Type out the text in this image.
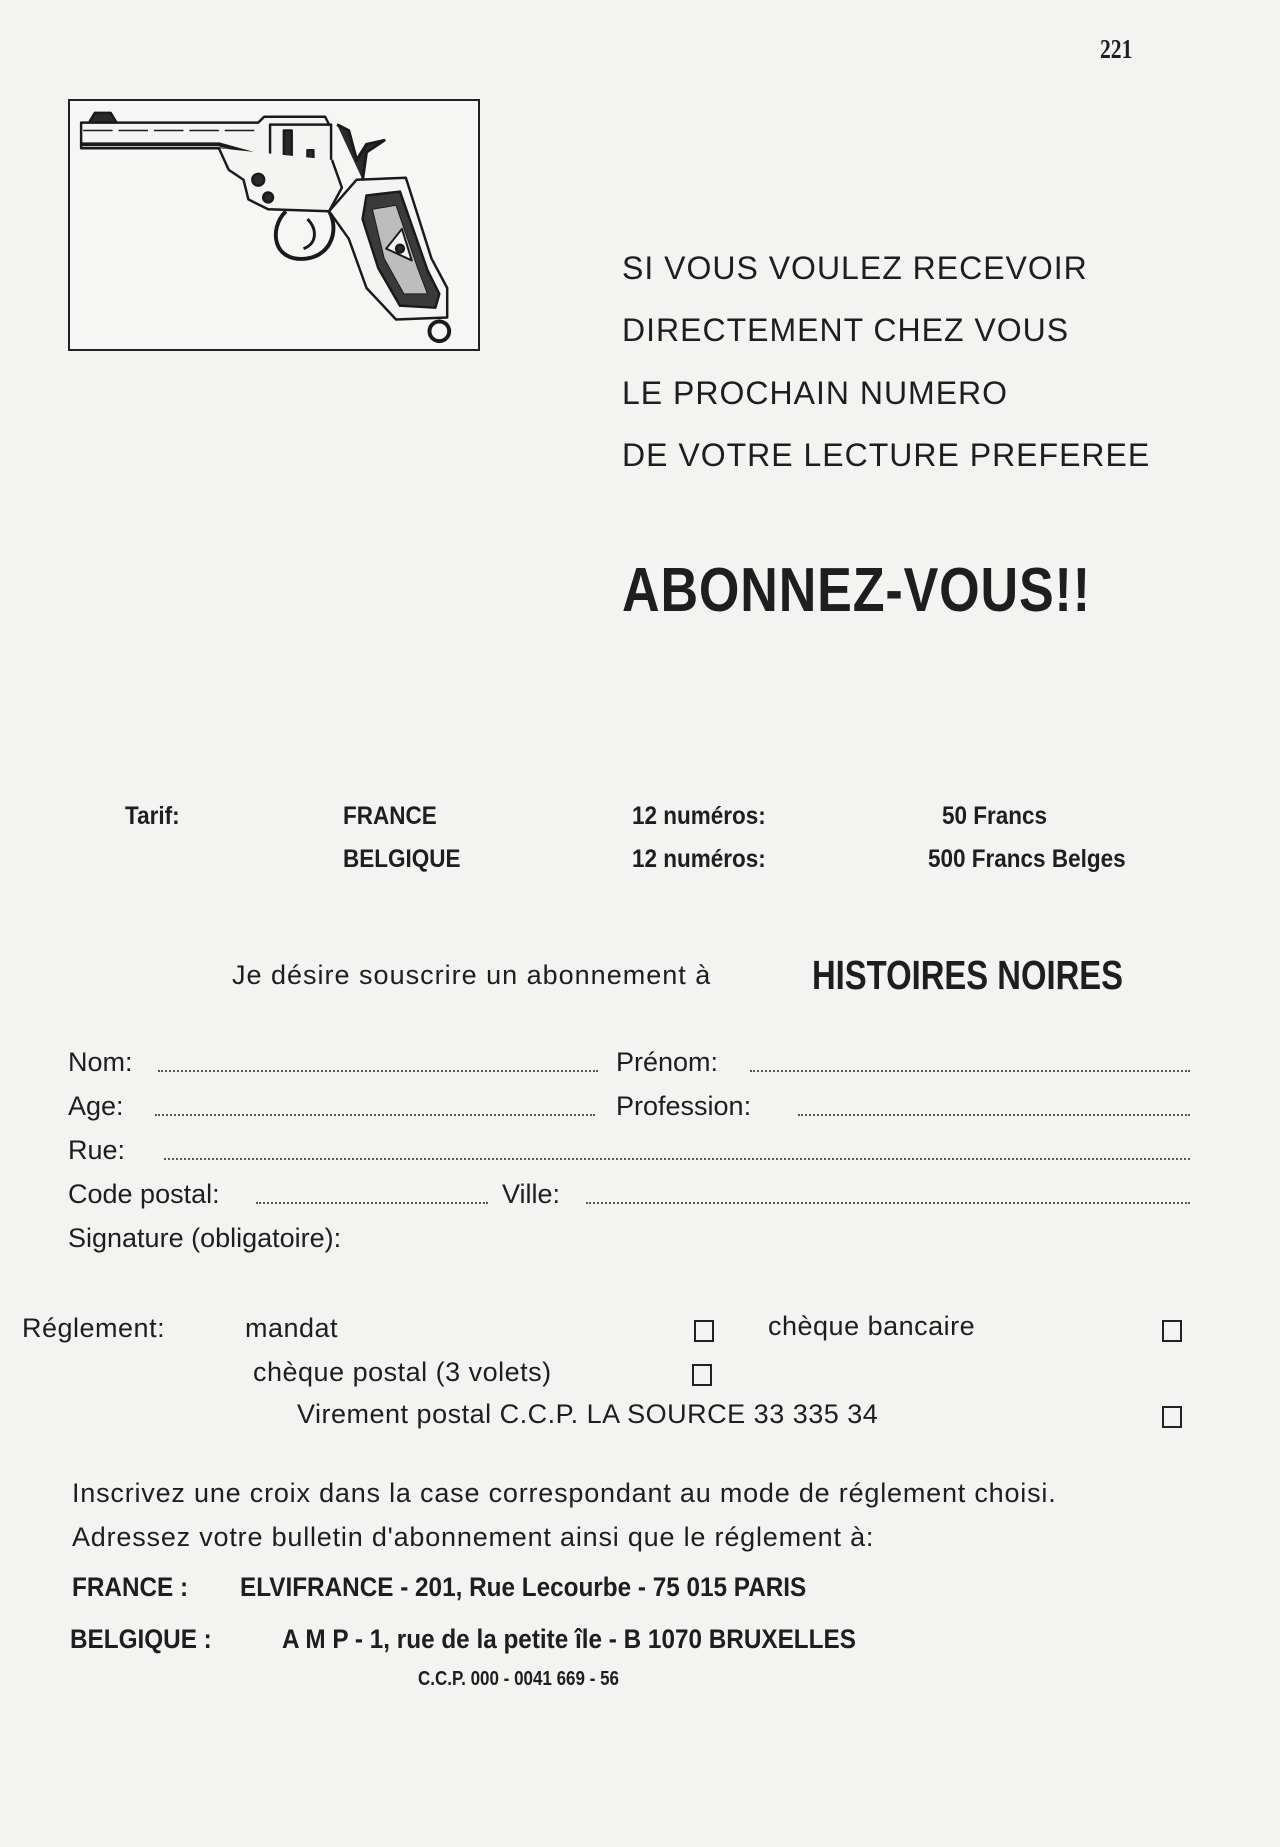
221
SI VOUS VOULEZ RECEVOIR
DIRECTEMENT CHEZ VOUS
LE PROCHAIN NUMERO
DE VOTRE LECTURE PREFEREE
ABONNEZ-VOUS!!
Tarif:	FRANCE	12 numéros:	50 Francs
BELGIQUE	12 numéros:	500 Francs Belges
Je désire souscrire un abonnement à HISTOIRES NOIRES
Nom:	Prénom:
Age:	Profession:
Rue:
Code postal:	Ville:
Signature (obligatoire):
Réglement:	mandat	chèque bancaire
chèque postal (3 volets)
Virement postal C.C.P. LA SOURCE 33 335 34
Inscrivez une croix dans la case correspondant au mode de réglement choisi.
Adressez votre bulletin d'abonnement ainsi que le réglement à:
FRANCE : ELVIFRANCE - 201, Rue Lecourbe - 75 015 PARIS
BELGIQUE :	A M P - 1, rue de la petite île - B 1070 BRUXELLES
C.C.P. 000 - 0041 669 - 56
